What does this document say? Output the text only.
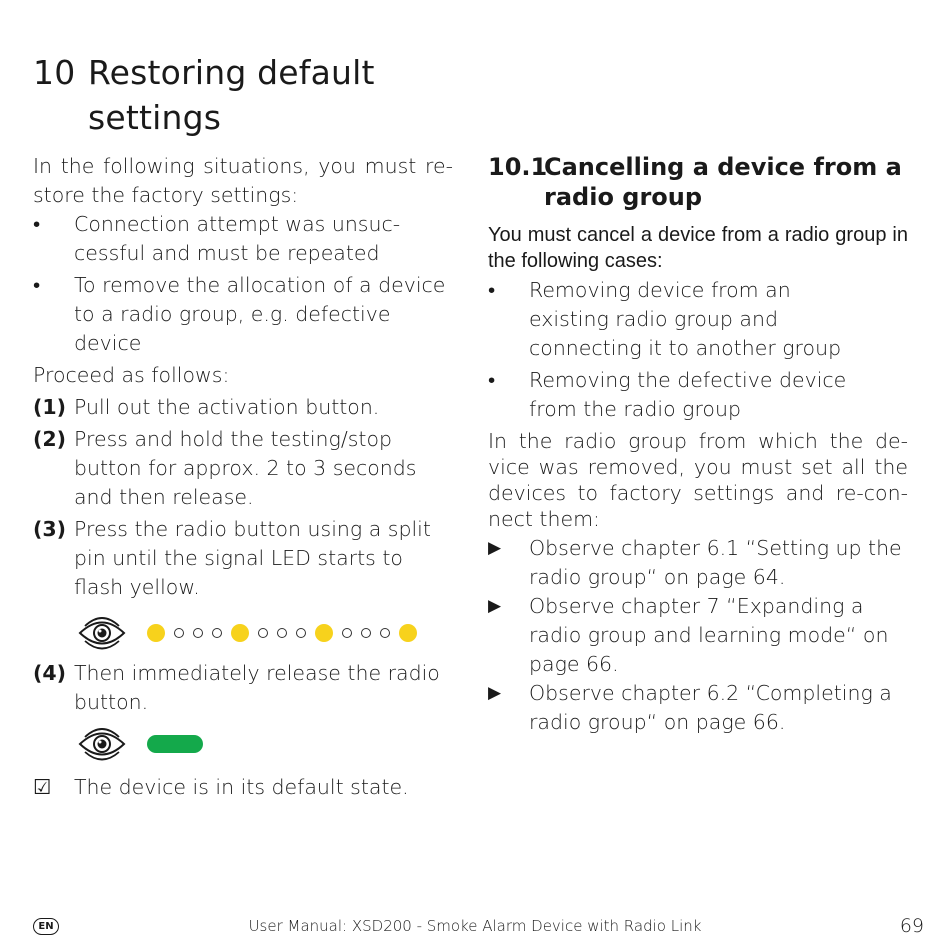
10 Restoring default settings
In the following situations, you must re-store the factory settings:
•	Connection attempt was unsuc-cessful and must be repeated
•	To remove the allocation of a device to a radio group, e.g. defective device
Proceed as follows:
(1) Pull out the activation button.
(2) Press and hold the testing/stop button for approx. 2 to 3 seconds and then release.
(3) Press the radio button using a split pin until the signal LED starts to flash yellow.
(4) Then immediately release the radio button.
☑	The device is in its default state.
10.1
Cancelling a device from a radio group
You must cancel a device from a radio group in the following cases:
•	Removing device from an existing radio group and connecting it to another group
•	Removing the defective device from the radio group
In the radio group from which the de-vice was removed, you must set all the devices to factory settings and re-con-nect them:
▶	Observe chapter 6.1 “Setting up the radio group“ on page 64.
▶	Observe chapter 7 “Expanding a radio group and learning mode“ on page 66.
▶	Observe chapter 6.2 “Completing a radio group“ on page 66.
EN	User Manual: XSD200 - Smoke Alarm Device with Radio Link	69
